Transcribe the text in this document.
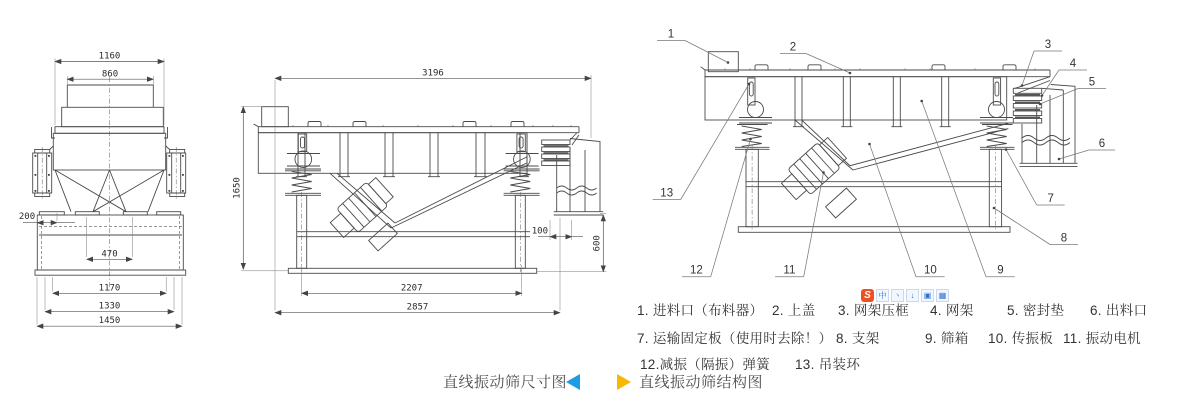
1160
860
200
470
1170
1330
1450
3196
1650
100
600
2207
2857
1
2	3
4
5
6
7
8
9
10
11
12
13
1. 进料口（布料器） 2. 上盖 3. 网架压框 4. 网架 5. 密封垫 6. 出料口
7. 运输固定板（使用时去除！） 8. 支架	9. 筛箱 10. 传振板 11. 振动电机
12.减振（隔振）弹簧 13. 吊装环
S 中 ヽ	↓	▣ ▦
直线振动筛尺寸图	直线振动筛结构图
